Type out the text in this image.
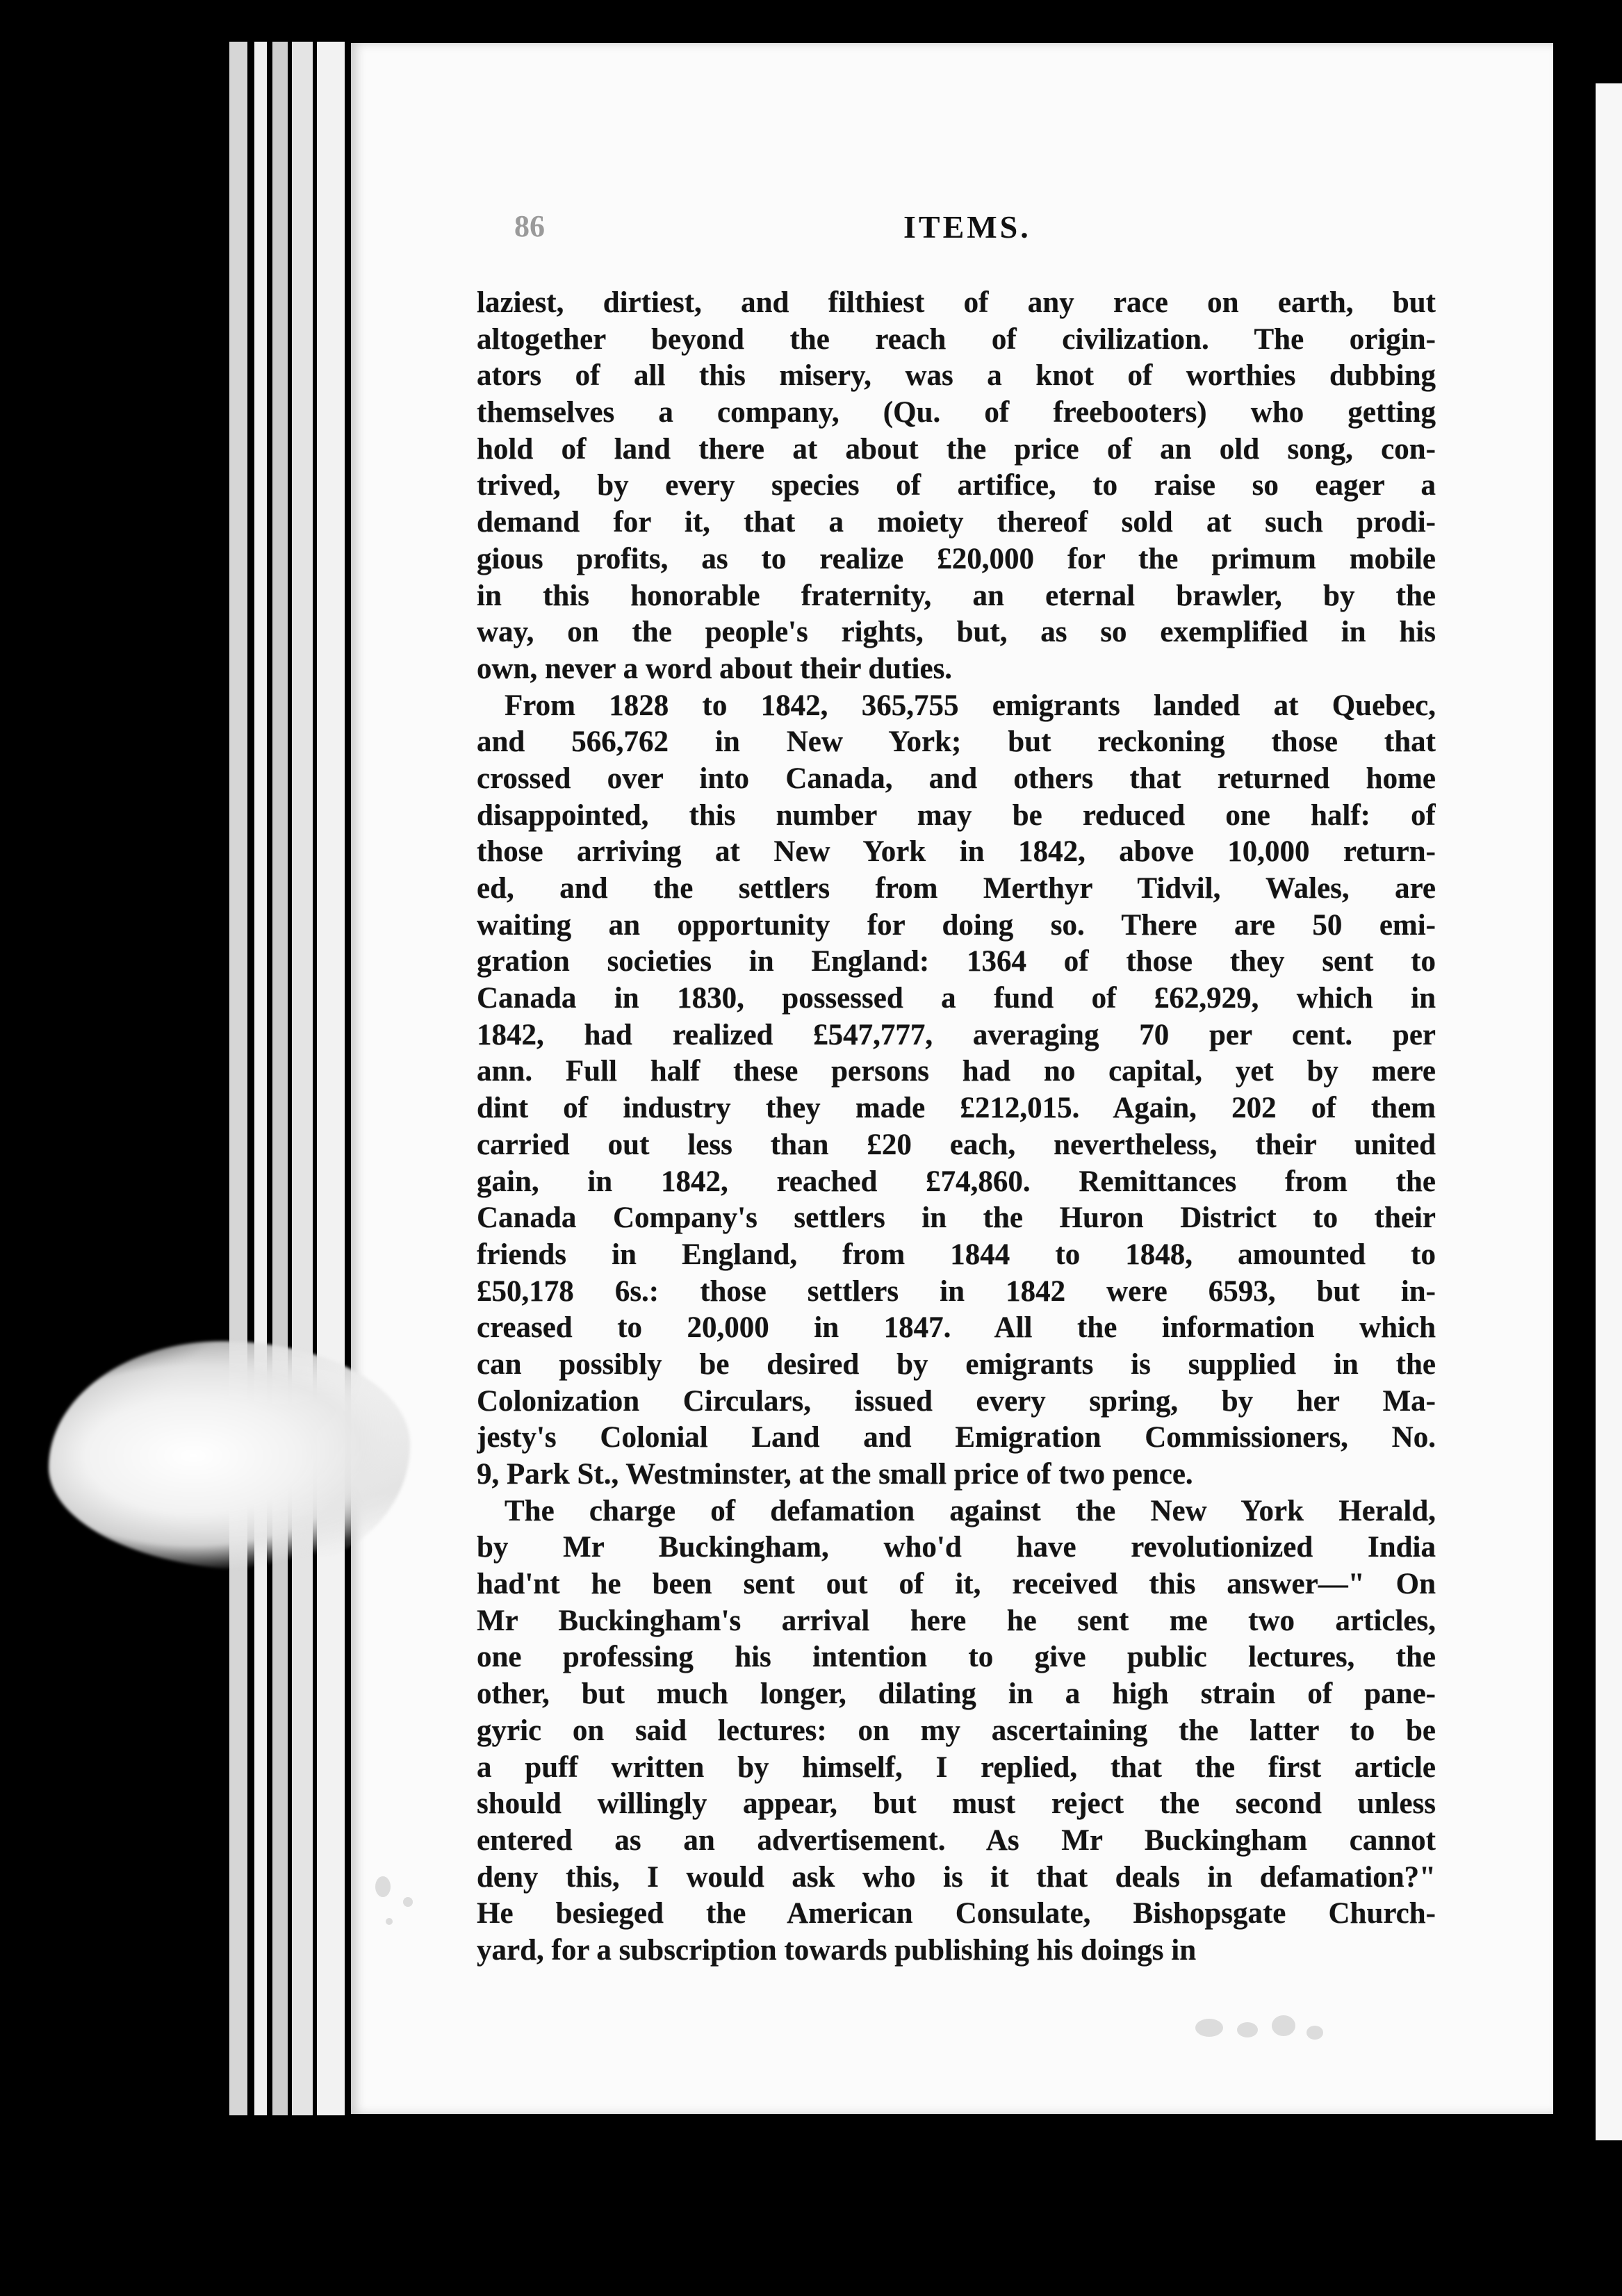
86	ITEMS.
laziest, dirtiest, and filthiest of any race on earth, but
altogether beyond the reach of civilization. The origin-
ators of all this misery, was a knot of worthies dubbing
themselves a company, (Qu. of freebooters) who getting
hold of land there at about the price of an old song, con-
trived, by every species of artifice, to raise so eager a
demand for it, that a moiety thereof sold at such prodi-
gious profits, as to realize £20,000 for the primum mobile
in this honorable fraternity, an eternal brawler, by the
way, on the people's rights, but, as so exemplified in his
own, never a word about their duties.
From 1828 to 1842, 365,755 emigrants landed at Quebec,
and 566,762 in New York; but reckoning those that
crossed over into Canada, and others that returned home
disappointed, this number may be reduced one half: of
those arriving at New York in 1842, above 10,000 return-
ed, and the settlers from Merthyr Tidvil, Wales, are
waiting an opportunity for doing so. There are 50 emi-
gration societies in England: 1364 of those they sent to
Canada in 1830, possessed a fund of £62,929, which in
1842, had realized £547,777, averaging 70 per cent. per
ann. Full half these persons had no capital, yet by mere
dint of industry they made £212,015. Again, 202 of them
carried out less than £20 each, nevertheless, their united
gain, in 1842, reached £74,860. Remittances from the
Canada Company's settlers in the Huron District to their
friends in England, from 1844 to 1848, amounted to
£50,178 6s.: those settlers in 1842 were 6593, but in-
creased to 20,000 in 1847. All the information which
can possibly be desired by emigrants is supplied in the
Colonization Circulars, issued every spring, by her Ma-
jesty's Colonial Land and Emigration Commissioners, No.
9, Park St., Westminster, at the small price of two pence.
The charge of defamation against the New York Herald,
by Mr Buckingham, who'd have revolutionized India
had'nt he been sent out of it, received this answer—" On
Mr Buckingham's arrival here he sent me two articles,
one professing his intention to give public lectures, the
other, but much longer, dilating in a high strain of pane-
gyric on said lectures: on my ascertaining the latter to be
a puff written by himself, I replied, that the first article
should willingly appear, but must reject the second unless
entered as an advertisement. As Mr Buckingham cannot
deny this, I would ask who is it that deals in defamation?"
He besieged the American Consulate, Bishopsgate Church-
yard, for a subscription towards publishing his doings in
